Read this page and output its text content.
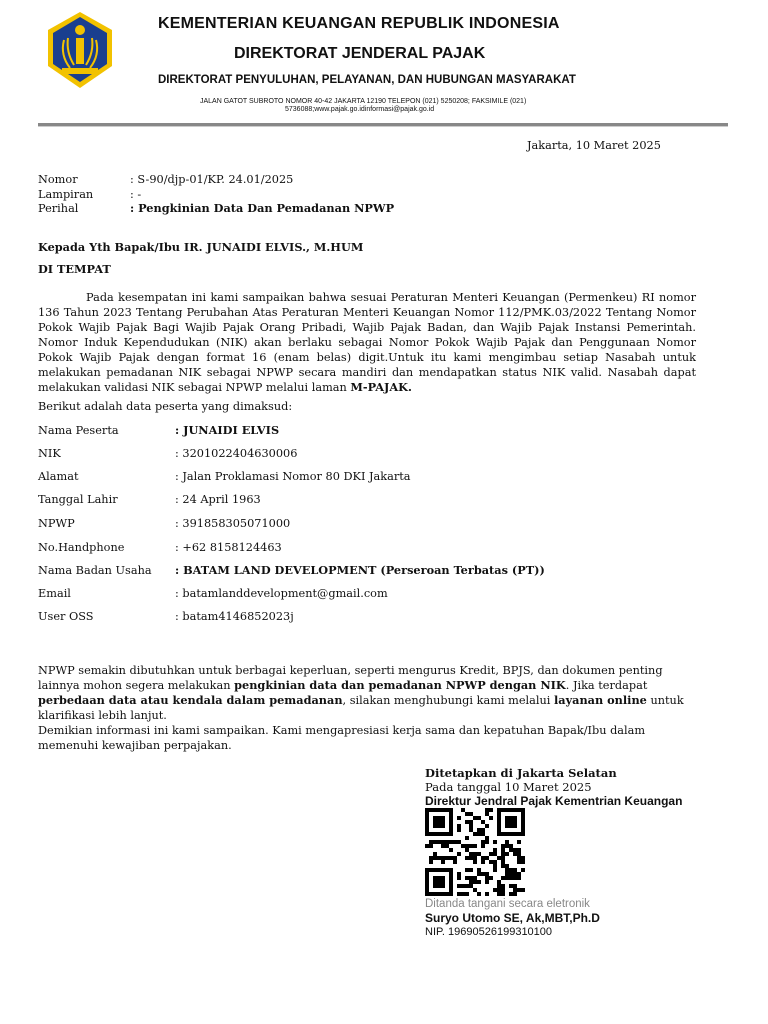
KEMENTERIAN KEUANGAN REPUBLIK INDONESIA
DIREKTORAT JENDERAL PAJAK
DIREKTORAT PENYULUHAN, PELAYANAN, DAN HUBUNGAN MASYARAKAT
JALAN GATOT SUBROTO NOMOR 40-42 JAKARTA 12190 TELEPON (021) 5250208; FAKSIMILE (021)
5736088;www.pajak.go.idinformasi@pajak.go.id
Jakarta, 10 Maret 2025
Nomor	: S-90/djp-01/KP. 24.01/2025
Lampiran	: -
Perihal	: Pengkinian Data Dan Pemadanan NPWP
Kepada Yth Bapak/Ibu IR. JUNAIDI ELVIS., M.HUM
DI TEMPAT
Pada kesempatan ini kami sampaikan bahwa sesuai Peraturan Menteri Keuangan (Permenkeu) RI nomor 136 Tahun 2023 Tentang Perubahan Atas Peraturan Menteri Keuangan Nomor 112/PMK.03/2022 Tentang Nomor Pokok Wajib Pajak Bagi Wajib Pajak Orang Pribadi, Wajib Pajak Badan, dan Wajib Pajak Instansi Pemerintah. Nomor Induk Kependudukan (NIK) akan berlaku sebagai Nomor Pokok Wajib Pajak dan Penggunaan Nomor Pokok Wajib Pajak dengan format 16 (enam belas) digit.Untuk itu kami mengimbau setiap Nasabah untuk melakukan pemadanan NIK sebagai NPWP secara mandiri dan mendapatkan status NIK valid. Nasabah dapat melakukan validasi NIK sebagai NPWP melalui laman M-PAJAK.
Berikut adalah data peserta yang dimaksud:
Nama Peserta	: JUNAIDI ELVIS
NIK	: 3201022404630006
Alamat	: Jalan Proklamasi Nomor 80 DKI Jakarta
Tanggal Lahir	: 24 April 1963
NPWP	: 391858305071000
No.Handphone	: +62 8158124463
Nama Badan Usaha : BATAM LAND DEVELOPMENT (Perseroan Terbatas (PT))
Email	: batamlanddevelopment@gmail.com
User OSS	: batam4146852023j
NPWP semakin dibutuhkan untuk berbagai keperluan, seperti mengurus Kredit, BPJS, dan dokumen penting lainnya mohon segera melakukan pengkinian data dan pemadanan NPWP dengan NIK. Jika terdapat perbedaan data atau kendala dalam pemadanan, silakan menghubungi kami melalui layanan online untuk klarifikasi lebih lanjut.
Demikian informasi ini kami sampaikan. Kami mengapresiasi kerja sama dan kepatuhan Bapak/Ibu dalam memenuhi kewajiban perpajakan.
Ditetapkan di Jakarta Selatan
Pada tanggal 10 Maret 2025
Direktur Jendral Pajak Kementrian Keuangan
Ditanda tangani secara eletronik
Suryo Utomo SE, Ak,MBT,Ph.D
NIP. 19690526199310100
